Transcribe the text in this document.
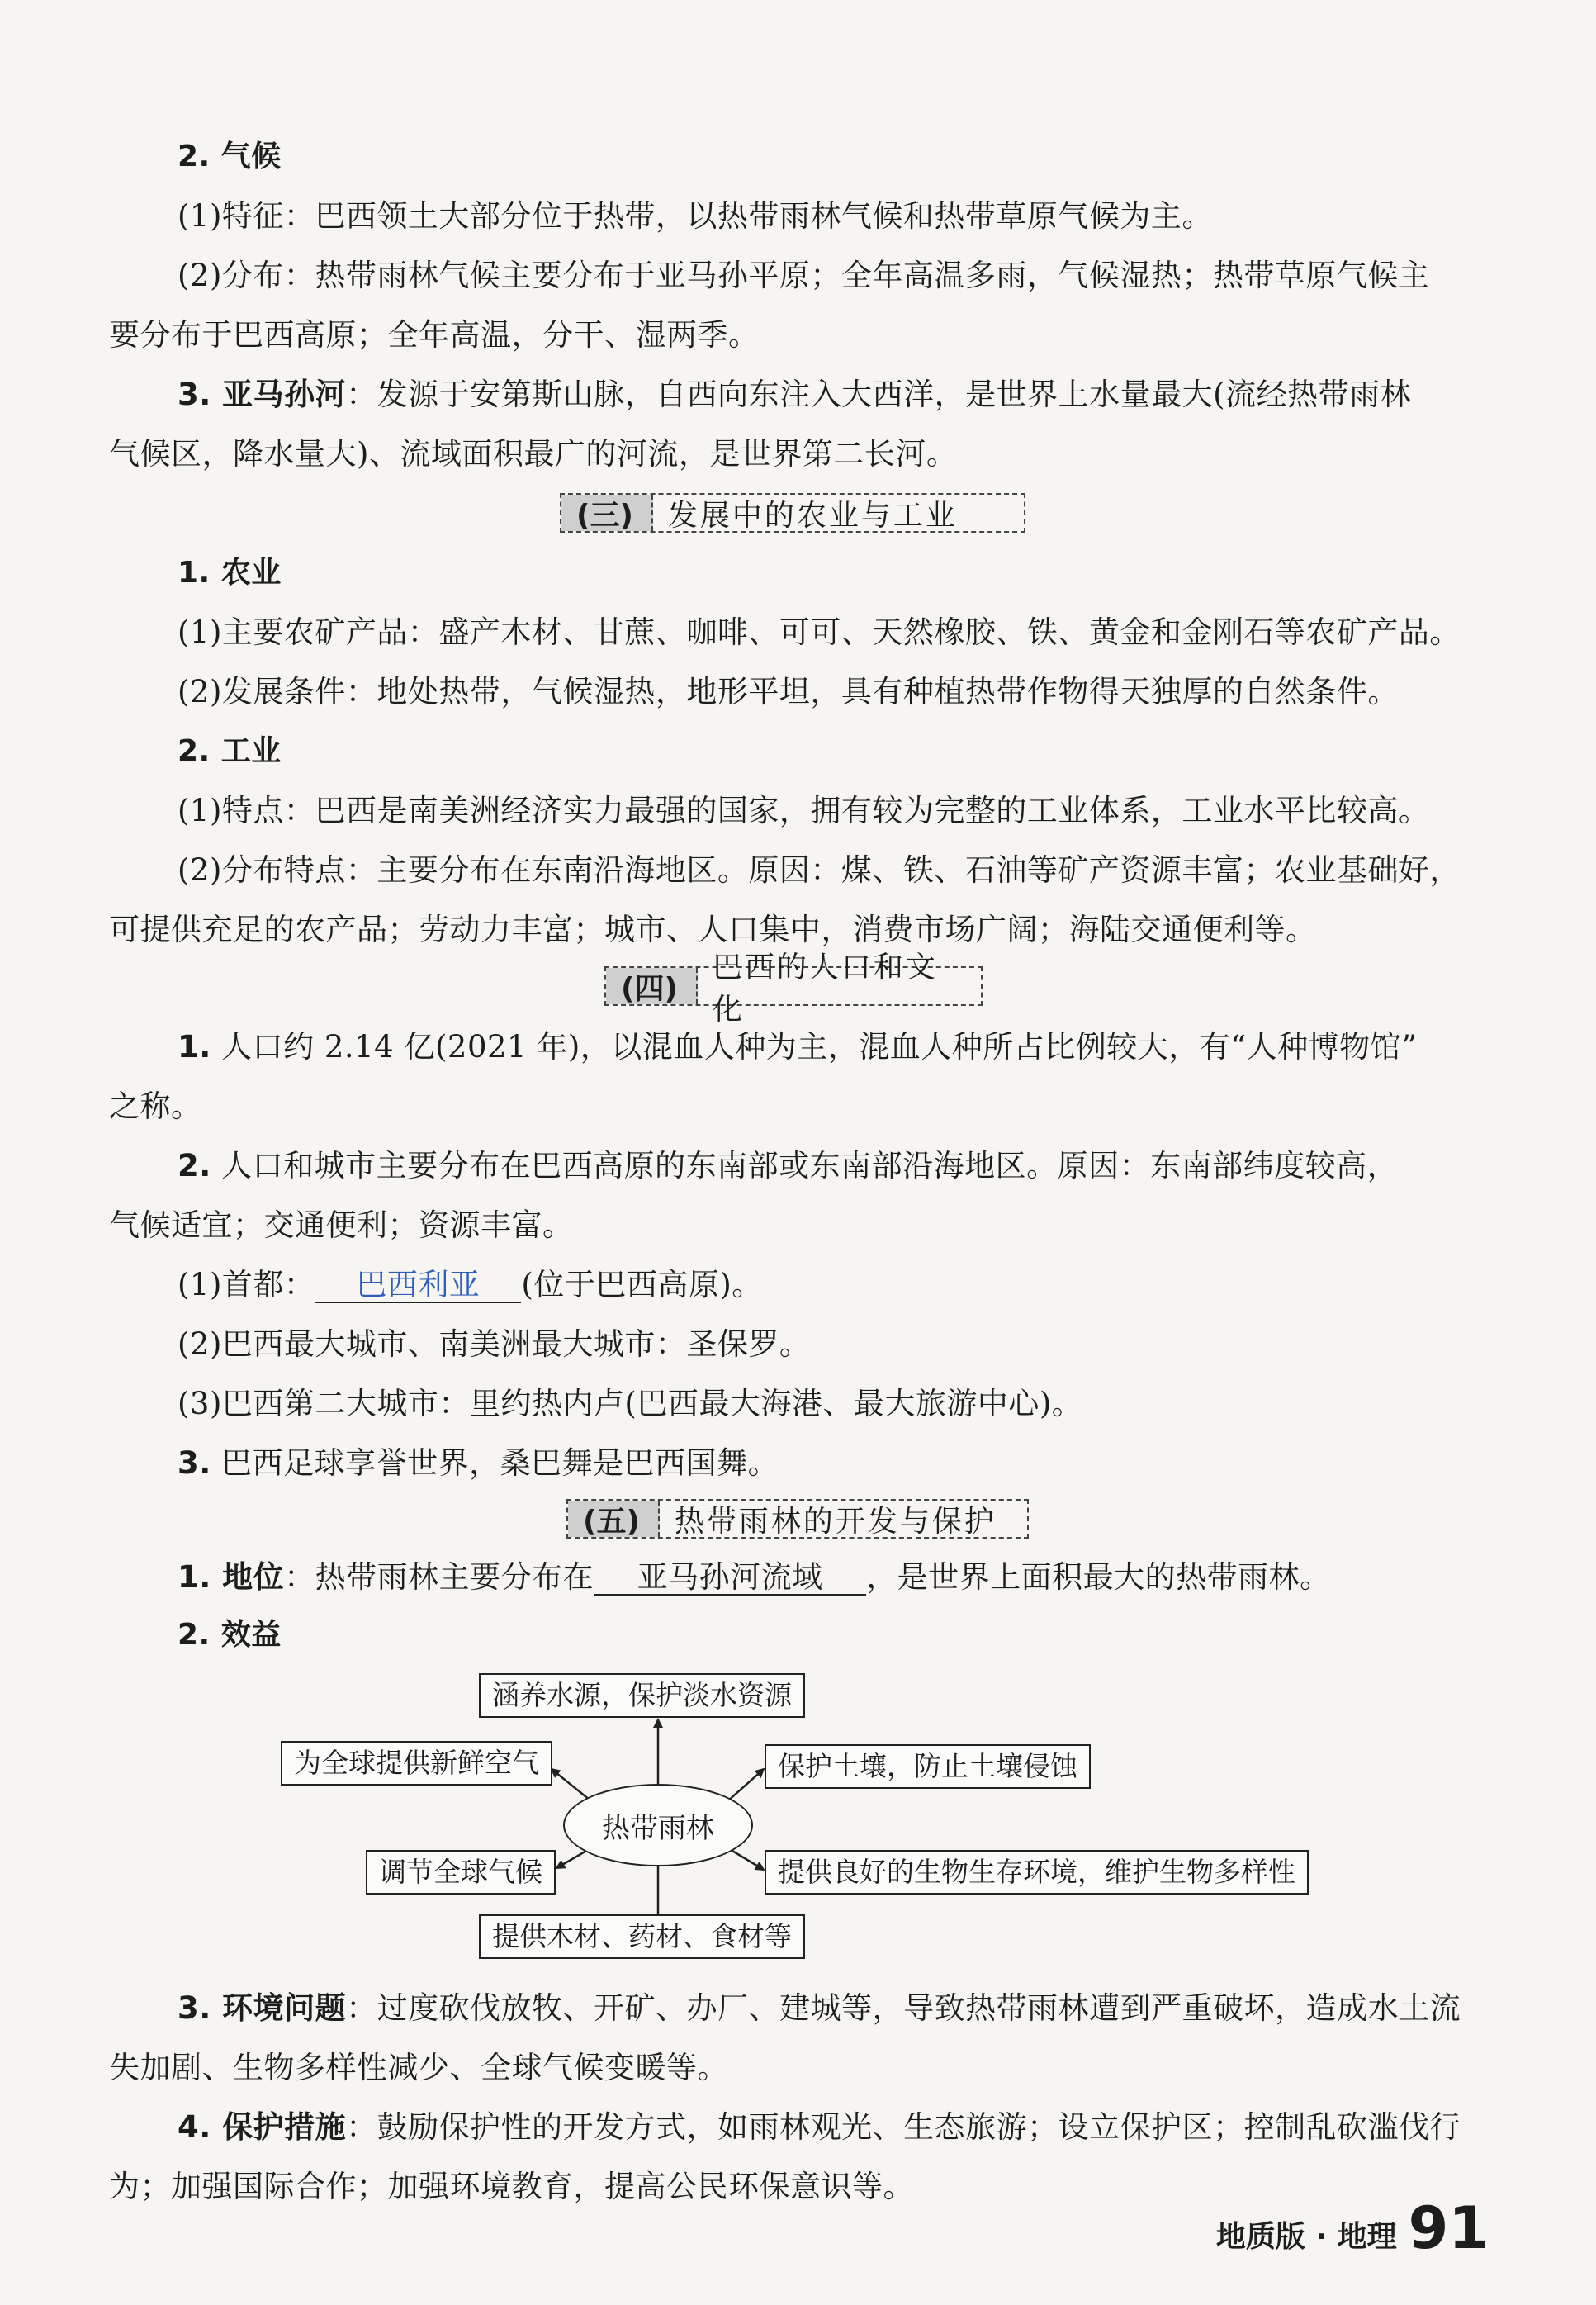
2. 气候
(1)特征：巴西领土大部分位于热带，以热带雨林气候和热带草原气候为主。
(2)分布：热带雨林气候主要分布于亚马孙平原；全年高温多雨，气候湿热；热带草原气候主
要分布于巴西高原；全年高温，分干、湿两季。
3. 亚马孙河：发源于安第斯山脉，自西向东注入大西洋，是世界上水量最大(流经热带雨林
气候区，降水量大)、流域面积最广的河流，是世界第二长河。
(三)	发展中的农业与工业
1. 农业
(1)主要农矿产品：盛产木材、甘蔗、咖啡、可可、天然橡胶、铁、黄金和金刚石等农矿产品。
(2)发展条件：地处热带，气候湿热，地形平坦，具有种植热带作物得天独厚的自然条件。
2. 工业
(1)特点：巴西是南美洲经济实力最强的国家，拥有较为完整的工业体系，工业水平比较高。
(2)分布特点：主要分布在东南沿海地区。原因：煤、铁、石油等矿产资源丰富；农业基础好，
可提供充足的农产品；劳动力丰富；城市、人口集中，消费市场广阔；海陆交通便利等。
(四)
巴西的人口和文化
1. 人口约 2.14 亿(2021 年)，以混血人种为主，混血人种所占比例较大，有“人种博物馆”
之称。
2. 人口和城市主要分布在巴西高原的东南部或东南部沿海地区。原因：东南部纬度较高，
气候适宜；交通便利；资源丰富。
(1)首都： 巴西利亚 (位于巴西高原)。
(2)巴西最大城市、南美洲最大城市：圣保罗。
(3)巴西第二大城市：里约热内卢(巴西最大海港、最大旅游中心)。
3. 巴西足球享誉世界，桑巴舞是巴西国舞。
(五)	热带雨林的开发与保护
1. 地位：热带雨林主要分布在 亚马孙河流域 ，是世界上面积最大的热带雨林。
2. 效益
涵养水源，保护淡水资源
为全球提供新鲜空气	保护土壤，防止土壤侵蚀
热带雨林
调节全球气候	提供良好的生物生存环境，维护生物多样性
提供木材、药材、食材等
3. 环境问题：过度砍伐放牧、开矿、办厂、建城等，导致热带雨林遭到严重破坏，造成水土流
失加剧、生物多样性减少、全球气候变暖等。
4. 保护措施：鼓励保护性的开发方式，如雨林观光、生态旅游；设立保护区；控制乱砍滥伐行
为；加强国际合作；加强环境教育，提高公民环保意识等。
地质版 · 地理 91
